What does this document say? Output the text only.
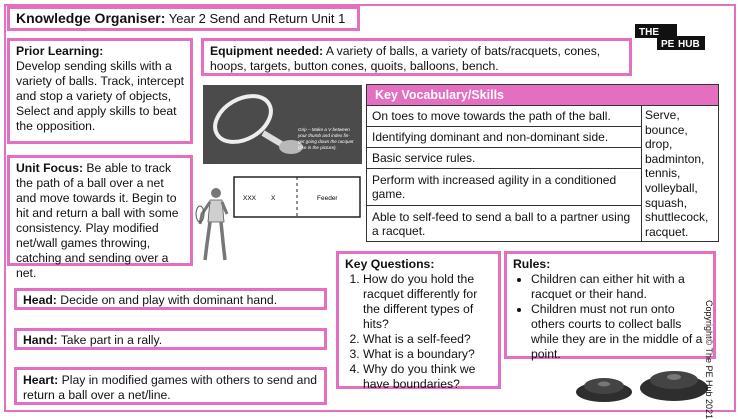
Knowledge Organiser: Year 2 Send and Return Unit 1
THE
PE HUB
Prior Learning:
Develop sending skills with a variety of balls. Track, intercept and stop a variety of objects, Select and apply skills to beat the opposition.
Equipment needed: A variety of balls, a variety of bats/racquets, cones, hoops, targets, button cones, quoits, balloons, bench.
Grip – Make a V between your thumb and index fin- get going down the racquet (like in the picture).
XXX X	Feeder
Key Vocabulary/Skills
On toes to move towards the path of the ball.	Serve, bounce, drop, badminton, tennis, volleyball, squash, shuttlecock, racquet.
Identifying dominant and non-dominant side.
Basic service rules.
Perform with increased agility in a conditioned game.
Able to self-feed to send a ball to a partner using a racquet.
Unit Focus: Be able to track the path of a ball over a net and move towards it. Begin to hit and return a ball with some consistency. Play modified net/wall games throwing, catching and sending over a net.
Key Questions:
1. How do you hold the racquet differently for the different types of hits?
2. What is a self-feed?
3. What is a boundary?
4. Why do you think we have boundaries?
Rules:
• Children can either hit with a racquet or their hand.
• Children must not run onto others courts to collect balls while they are in the middle of a point.
Head: Decide on and play with dominant hand.
Hand: Take part in a rally.
Heart: Play in modified games with others to send and return a ball over a net/line.	Copyright© The PE Hub 2021
